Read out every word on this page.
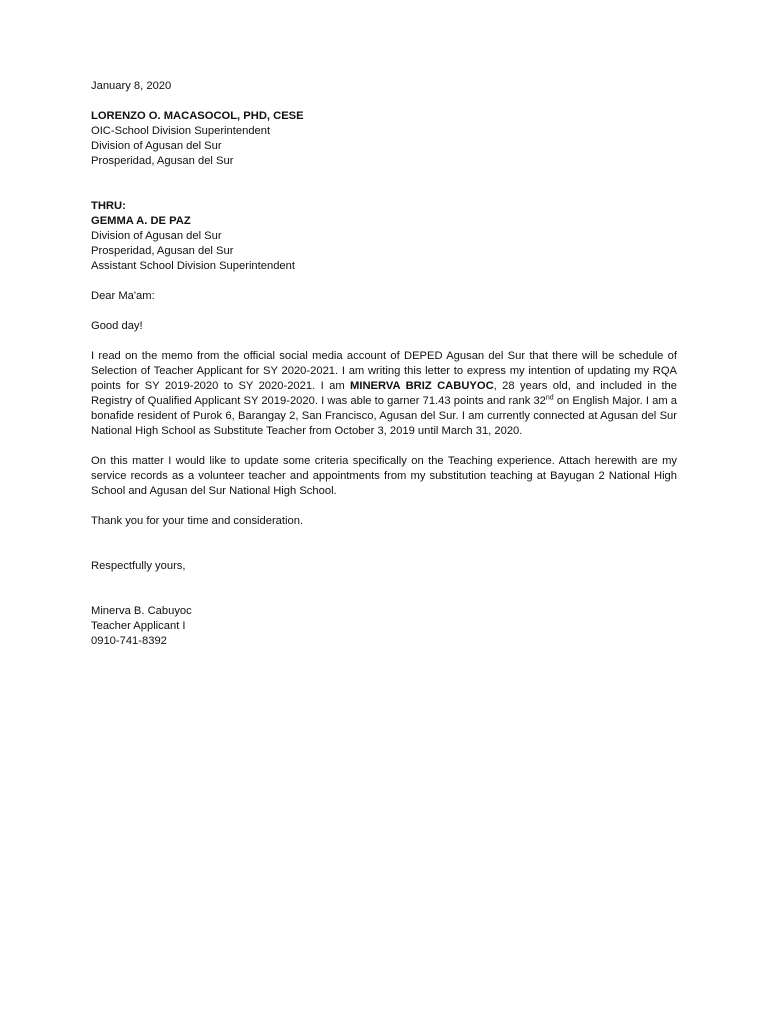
January 8, 2020
LORENZO O. MACASOCOL, PHD, CESE
OIC-School Division Superintendent
Division of Agusan del Sur
Prosperidad, Agusan del Sur
THRU:
GEMMA A. DE PAZ
Division of Agusan del Sur
Prosperidad, Agusan del Sur
Assistant School Division Superintendent
Dear Ma'am:
Good day!

I read on the memo from the official social media account of DEPED Agusan del Sur that there will be schedule of Selection of Teacher Applicant for SY 2020-2021. I am writing this letter to express my intention of updating my RQA points for SY 2019-2020 to SY 2020-2021. I am MINERVA BRIZ CABUYOC, 28 years old, and included in the Registry of Qualified Applicant SY 2019-2020. I was able to garner 71.43 points and rank 32nd on English Major. I am a bonafide resident of Purok 6, Barangay 2, San Francisco, Agusan del Sur. I am currently connected at Agusan del Sur National High School as Substitute Teacher from October 3, 2019 until March 31, 2020.

On this matter I would like to update some criteria specifically on the Teaching experience. Attach herewith are my service records as a volunteer teacher and appointments from my substitution teaching at Bayugan 2 National High School and Agusan del Sur National High School.

Thank you for your time and consideration.
Respectfully yours,
Minerva B. Cabuyoc
Teacher Applicant I
0910-741-8392
